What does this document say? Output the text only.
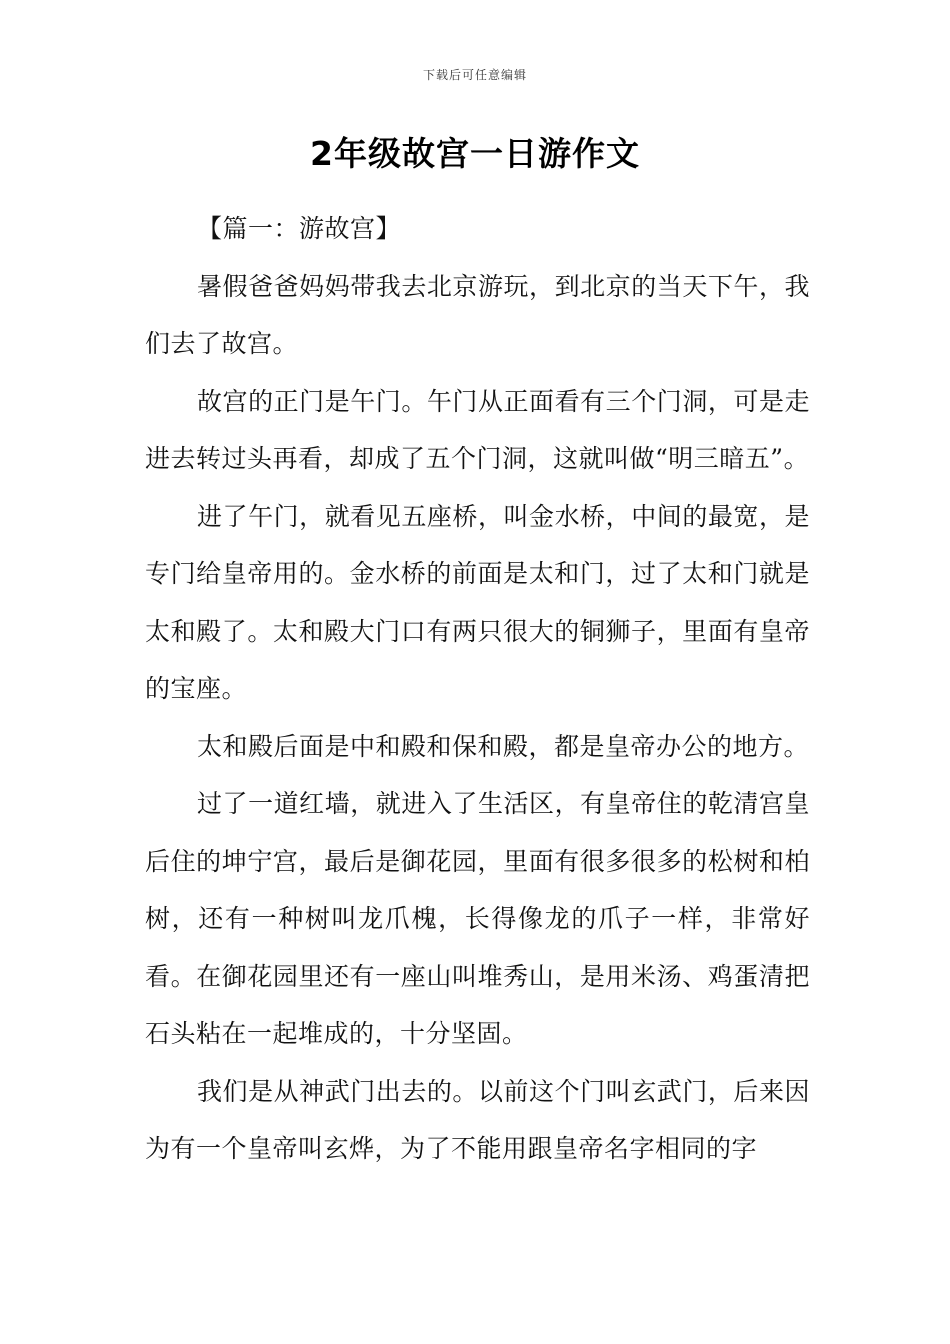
下载后可任意编辑
2年级故宫一日游作文

【篇一：游故宫】

暑假爸爸妈妈带我去北京游玩，到北京的当天下午，我们去了故宫。

故宫的正门是午门。午门从正面看有三个门洞，可是走进去转过头再看，却成了五个门洞，这就叫做“明三暗五”。

进了午门，就看见五座桥，叫金水桥，中间的最宽，是专门给皇帝用的。金水桥的前面是太和门，过了太和门就是太和殿了。太和殿大门口有两只很大的铜狮子，里面有皇帝的宝座。

太和殿后面是中和殿和保和殿，都是皇帝办公的地方。

过了一道红墙，就进入了生活区，有皇帝住的乾清宫皇后住的坤宁宫，最后是御花园，里面有很多很多的松树和柏树，还有一种树叫龙爪槐，长得像龙的爪子一样，非常好看。在御花园里还有一座山叫堆秀山，是用米汤、鸡蛋清把石头粘在一起堆成的，十分坚固。

我们是从神武门出去的。以前这个门叫玄武门，后来因为有一个皇帝叫玄烨，为了不能用跟皇帝名字相同的字
